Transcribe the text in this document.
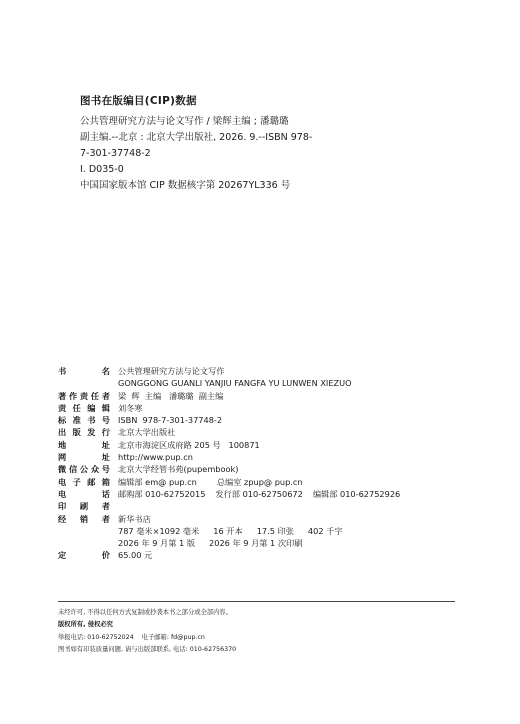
图书在版编目(CIP)数据
公共管理研究方法与论文写作 / 梁辉主编 ; 潘璐璐
副主编.--北京 : 北京大学出版社, 2026. 9.--ISBN 978-
7-301-37748-2
Ⅰ. D035-0
中国国家版本馆 CIP 数据核字第 20267YL336 号
书	名 公共管理研究方法与论文写作
GONGGONG GUANLI YANJIU FANGFA YU LUNWEN XIEZUO
著 作 责 任 者 梁  辉  主编   潘璐璐  副主编
责 任 编 辑 刘冬寒
标 准 书 号 ISBN  978-7-301-37748-2
出 版 发 行 北京大学出版社
地	址 北京市海淀区成府路 205 号   100871
网	址 http://www.pup.cn
微 信 公 众 号 北京大学经管书苑(pupembook)
电 子 邮 箱 编辑部 em@ pup.cn 总编室 zpup@ pup.cn
电	话 邮购部 010-62752015 发行部 010-62750672 编辑部 010-62752926
印 刷 者
经 销 者 新华书店
787 毫米×1092 毫米 16 开本 17.5 印张 402 千字
2026 年 9 月第 1 版 2026 年 9 月第 1 次印刷
定	价 65.00 元
未经许可, 不得以任何方式复制或抄袭本书之部分或全部内容。
版权所有, 侵权必究
举报电话: 010-62752024    电子邮箱: fd@pup.cn
图书如有印装质量问题, 请与出版部联系, 电话: 010-62756370
